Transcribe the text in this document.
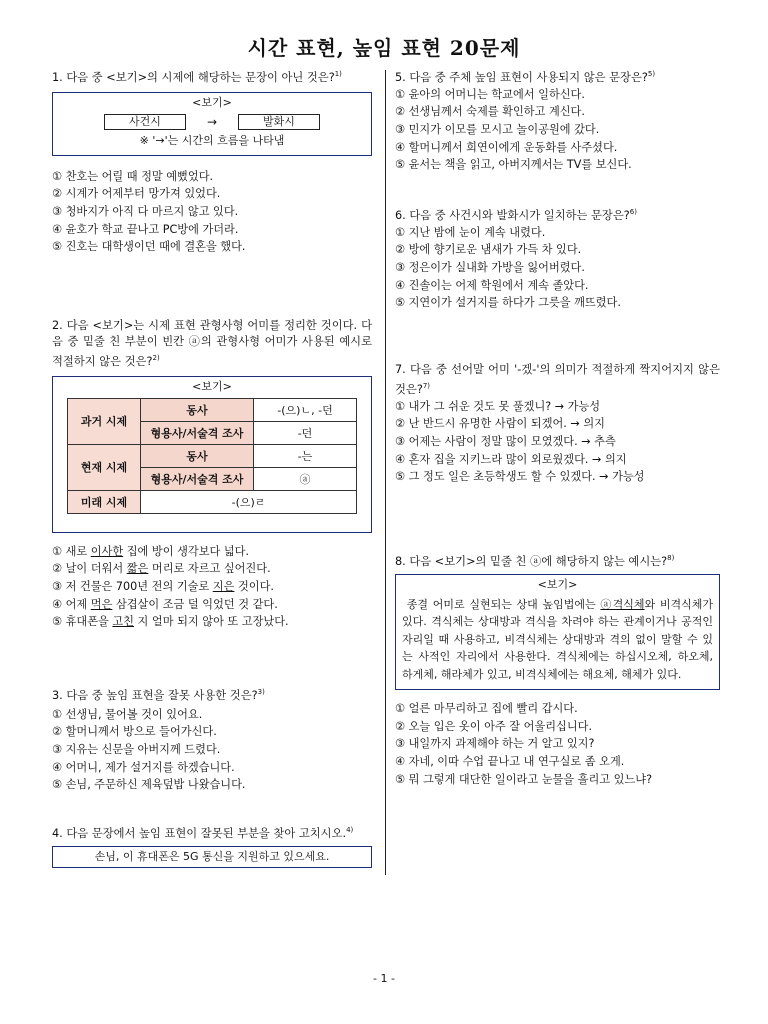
시간 표현, 높임 표현 20문제
1. 다음 중 <보기>의 시제에 해당하는 문장이 아닌 것은?$^{1)}$
<보기>
사건시	→	발화시
※ '→'는 시간의 흐름을 나타냄
① 찬호는 어릴 때 정말 예뻤었다.
② 시계가 어제부터 망가져 있었다.
③ 청바지가 아직 다 마르지 않고 있다.
④ 윤호가 학교 끝나고 PC방에 가더라.
⑤ 진호는 대학생이던 때에 결혼을 했다.
2. 다음 <보기>는 시제 표현 관형사형 어미를 정리한 것이다. 다음 중 밑줄 친 부분이 빈칸 ⓐ의 관형사형 어미가 사용된 예시로 적절하지 않은 것은?$^{2)}$
<보기>
과거 시제	동사	-(으)ㄴ, -던
	형용사/서술격 조사	-던
현재 시제	동사	-는
	형용사/서술격 조사	ⓐ
미래 시제	-(으)ㄹ	
① 새로 이사한 집에 방이 생각보다 넓다.
② 날이 더워서 짧은 머리로 자르고 싶어진다.
③ 저 건물은 700년 전의 기술로 지은 것이다.
④ 어제 먹은 삼겹살이 조금 덜 익었던 것 같다.
⑤ 휴대폰을 고친 지 얼마 되지 않아 또 고장났다.
3. 다음 중 높임 표현을 잘못 사용한 것은?$^{3)}$
① 선생님, 물어볼 것이 있어요.
② 할머니께서 방으로 들어가신다.
③ 지유는 신문을 아버지께 드렸다.
④ 어머니, 제가 설거지를 하겠습니다.
⑤ 손님, 주문하신 제육덮밥 나왔습니다.
4. 다음 문장에서 높임 표현이 잘못된 부분을 찾아 고치시오.$^{4)}$
손님, 이 휴대폰은 5G 통신을 지원하고 있으세요.
5. 다음 중 주체 높임 표현이 사용되지 않은 문장은?$^{5)}$
① 윤아의 어머니는 학교에서 일하신다.
② 선생님께서 숙제를 확인하고 계신다.
③ 민지가 이모를 모시고 놀이공원에 갔다.
④ 할머니께서 희연이에게 운동화를 사주셨다.
⑤ 윤서는 책을 읽고, 아버지께서는 TV를 보신다.
6. 다음 중 사건시와 발화시가 일치하는 문장은?$^{6)}$
① 지난 밤에 눈이 계속 내렸다.
② 방에 향기로운 냄새가 가득 차 있다.
③ 정은이가 실내화 가방을 잃어버렸다.
④ 진솔이는 어제 학원에서 계속 졸았다.
⑤ 지연이가 설거지를 하다가 그릇을 깨뜨렸다.
7. 다음 중 선어말 어미 '-겠-'의 의미가 적절하게 짝지어지지 않은 것은?$^{7)}$
① 내가 그 쉬운 것도 못 풀겠니? → 가능성
② 난 반드시 유명한 사람이 되겠어. → 의지
③ 어제는 사람이 정말 많이 모였겠다. → 추측
④ 혼자 집을 지키느라 많이 외로웠겠다. → 의지
⑤ 그 정도 일은 초등학생도 할 수 있겠다. → 가능성
8. 다음 <보기>의 밑줄 친 ⓐ에 해당하지 않는 예시는?$^{8)}$
<보기>
종결 어미로 실현되는 상대 높임법에는 ⓐ격식체와 비격식체가 있다. 격식체는 상대방과 격식을 차려야 하는 관계이거나 공적인 자리일 때 사용하고, 비격식체는 상대방과 격의 없이 말할 수 있는 사적인 자리에서 사용한다. 격식체에는 하십시오체, 하오체, 하게체, 해라체가 있고, 비격식체에는 해요체, 해체가 있다.
① 얼른 마무리하고 집에 빨리 갑시다.
② 오늘 입은 옷이 아주 잘 어울리십니다.
③ 내일까지 과제해야 하는 거 알고 있지?
④ 자네, 이따 수업 끝나고 내 연구실로 좀 오게.
⑤ 뭐 그렇게 대단한 일이라고 눈물을 흘리고 있느냐?
- 1 -
